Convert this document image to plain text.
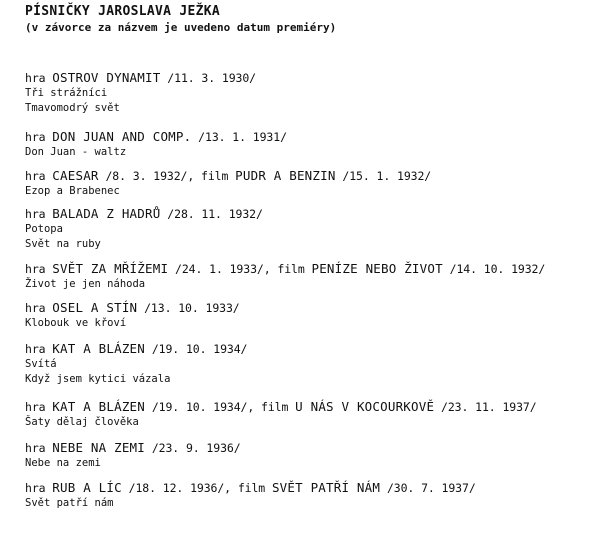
PÍSNIČKY JAROSLAVA JEŽKA
(v závorce za názvem je uvedeno datum premiéry)
hra OSTROV DYNAMIT /11. 3. 1930/
Tři strážníci
Tmavomodrý svět
hra DON JUAN AND COMP. /13. 1. 1931/
Don Juan - waltz
hra CAESAR /8. 3. 1932/, film PUDR A BENZIN /15. 1. 1932/
Ezop a Brabenec
hra BALADA Z HADRŮ /28. 11. 1932/
Potopa
Svět na ruby
hra SVĚT ZA MŘÍŽEMI /24. 1. 1933/, film PENÍZE NEBO ŽIVOT /14. 10. 1932/
Život je jen náhoda
hra OSEL A STÍN /13. 10. 1933/
Klobouk ve křoví
hra KAT A BLÁZEN /19. 10. 1934/
Svítá
Když jsem kytici vázala
hra KAT A BLÁZEN /19. 10. 1934/, film U NÁS V KOCOURKOVĚ /23. 11. 1937/
Šaty dělaj člověka
hra NEBE NA ZEMI /23. 9. 1936/
Nebe na zemi
hra RUB A LÍC /18. 12. 1936/, film SVĚT PATŘÍ NÁM /30. 7. 1937/
Svět patří nám
